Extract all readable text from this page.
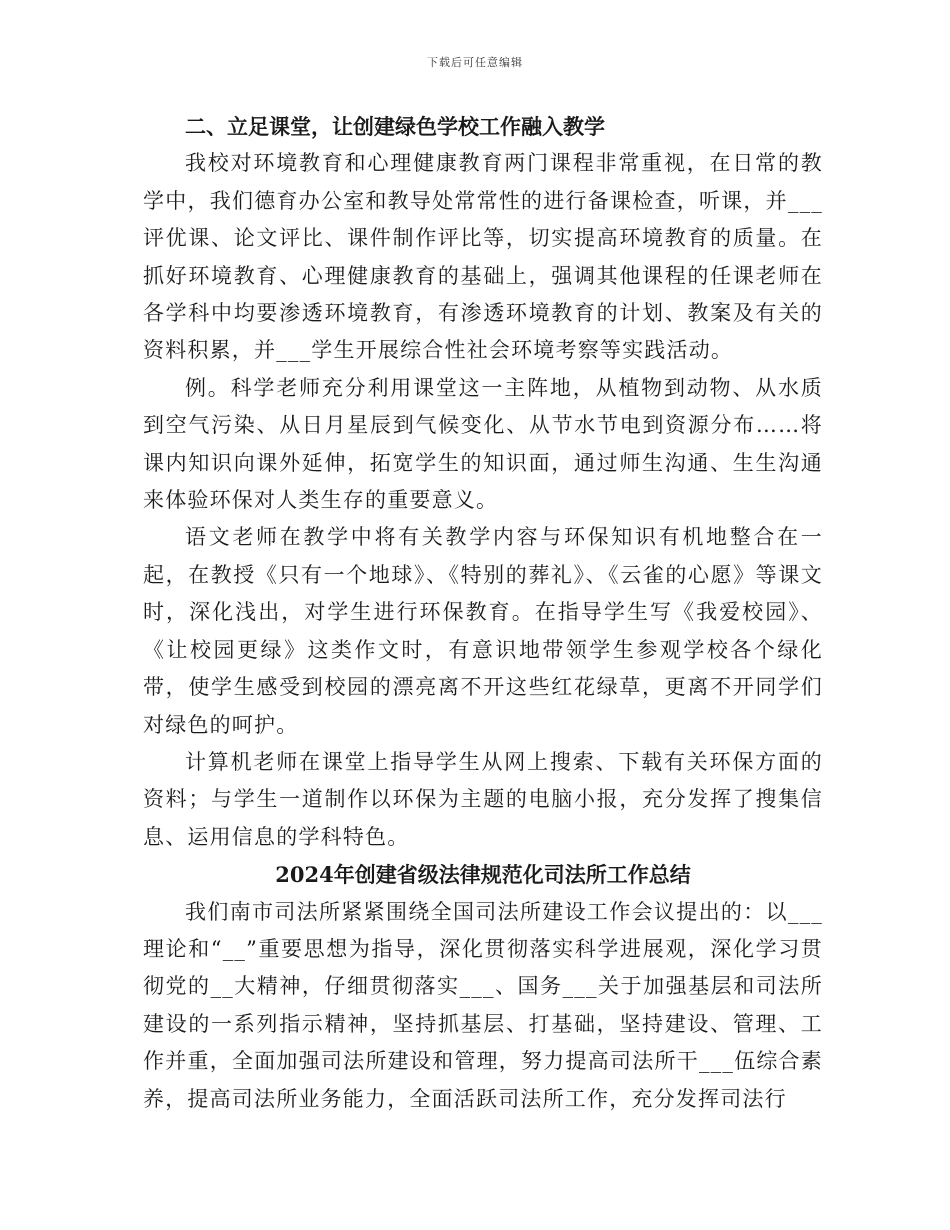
下载后可任意编辑

二、立足课堂，让创建绿色学校工作融入教学

我校对环境教育和心理健康教育两门课程非常重视，在日常的教学中，我们德育办公室和教导处常常性的进行备课检查，听课，并___评优课、论文评比、课件制作评比等，切实提高环境教育的质量。在抓好环境教育、心理健康教育的基础上，强调其他课程的任课老师在各学科中均要渗透环境教育，有渗透环境教育的计划、教案及有关的资料积累，并___学生开展综合性社会环境考察等实践活动。

例。科学老师充分利用课堂这一主阵地，从植物到动物、从水质到空气污染、从日月星辰到气候变化、从节水节电到资源分布……将课内知识向课外延伸，拓宽学生的知识面，通过师生沟通、生生沟通来体验环保对人类生存的重要意义。

语文老师在教学中将有关教学内容与环保知识有机地整合在一起，在教授《只有一个地球》、《特别的葬礼》、《云雀的心愿》等课文时，深化浅出，对学生进行环保教育。在指导学生写《我爱校园》、《让校园更绿》这类作文时，有意识地带领学生参观学校各个绿化带，使学生感受到校园的漂亮离不开这些红花绿草，更离不开同学们对绿色的呵护。

计算机老师在课堂上指导学生从网上搜索、下载有关环保方面的资料；与学生一道制作以环保为主题的电脑小报，充分发挥了搜集信息、运用信息的学科特色。

2024年创建省级法律规范化司法所工作总结

我们南市司法所紧紧围绕全国司法所建设工作会议提出的：以___理论和“__”重要思想为指导，深化贯彻落实科学进展观，深化学习贯彻党的__大精神，仔细贯彻落实___、国务___关于加强基层和司法所建设的一系列指示精神，坚持抓基层、打基础，坚持建设、管理、工作并重，全面加强司法所建设和管理，努力提高司法所干___伍综合素养，提高司法所业务能力，全面活跃司法所工作，充分发挥司法行
